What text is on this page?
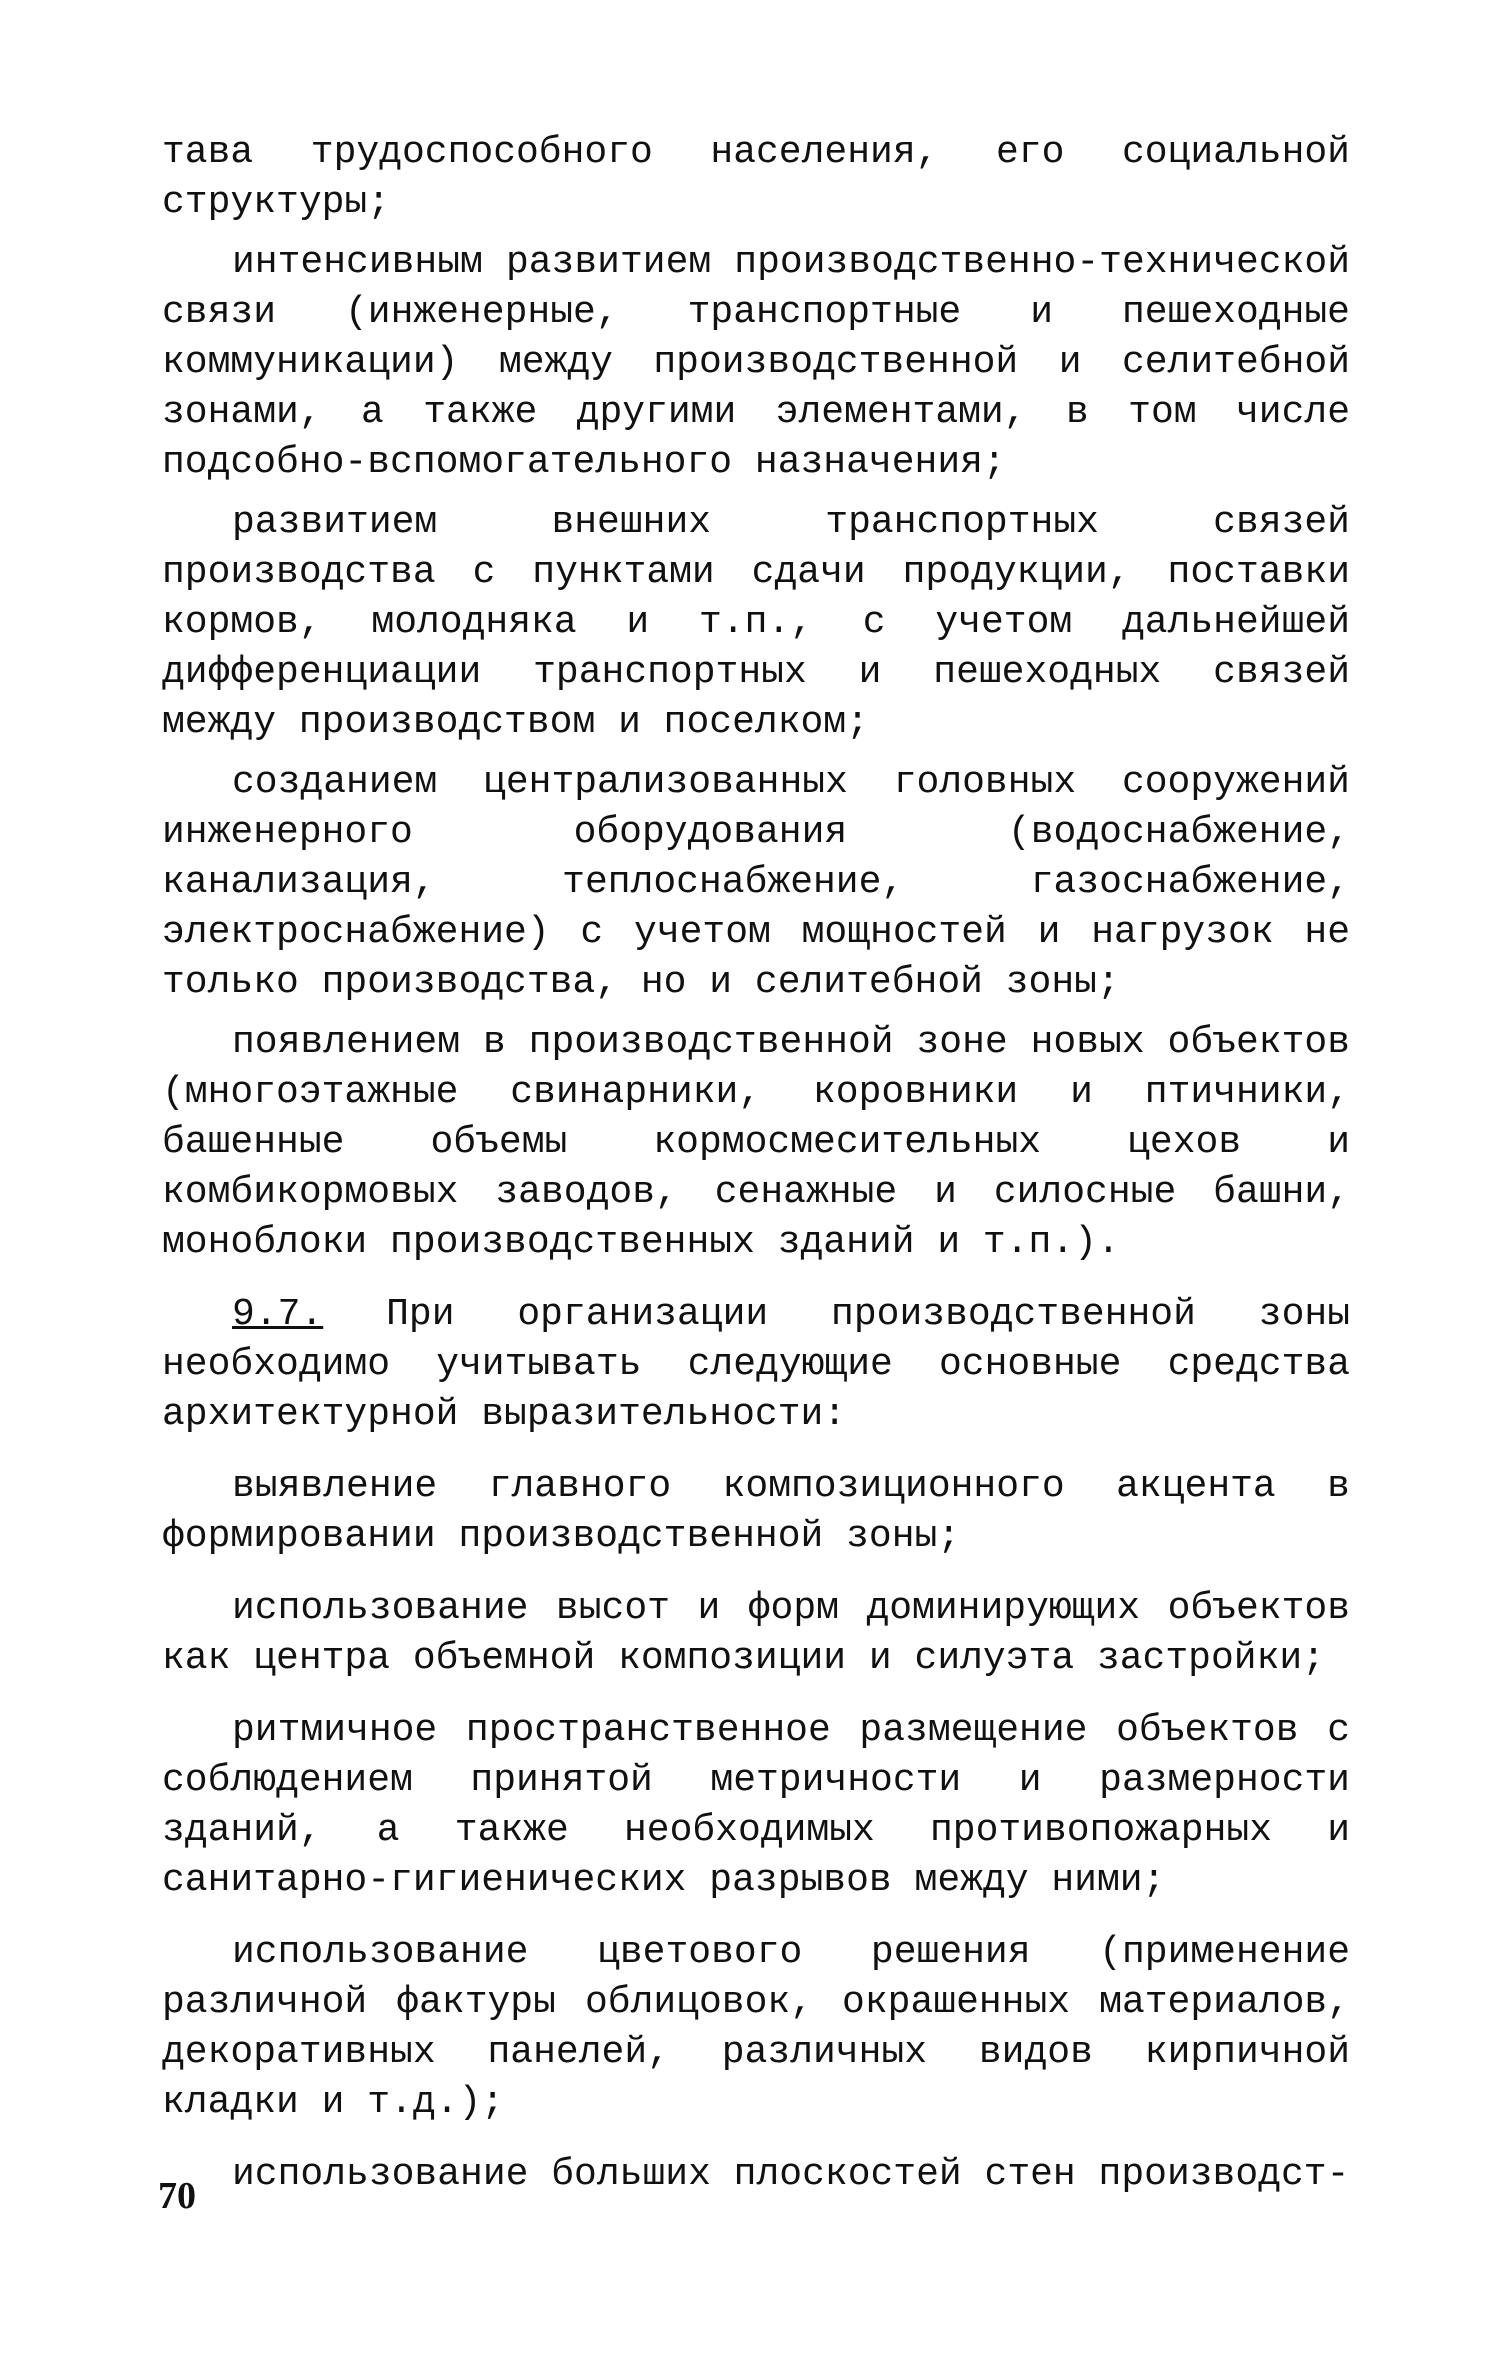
тава трудоспособного населения, его социальной структуры;

интенсивным развитием производственно-технической связи (инженерные, транспортные и пешеходные коммуникации) между производственной и селитебной зонами, а также другими элементами, в том числе подсобно-вспомогательного назначения;

развитием внешних транспортных связей производства с пунктами сдачи продукции, поставки кормов, молодняка и т.п., с учетом дальнейшей дифференциации транспортных и пешеходных связей между производством и поселком;

созданием централизованных головных сооружений инженерного оборудования (водоснабжение, канализация, теплоснабжение, газоснабжение, электроснабжение) с учетом мощностей и нагрузок не только производства, но и селитебной зоны;

появлением в производственной зоне новых объектов (многоэтажные свинарники, коровники и птичники, башенные объемы кормосмесительных цехов и комбикормовых заводов, сенажные и силосные башни, моноблоки производственных зданий и т.п.).

9.7. При организации производственной зоны необходимо учитывать следующие основные средства архитектурной выразительности:

выявление главного композиционного акцента в формировании производственной зоны;

использование высот и форм доминирующих объектов как центра объемной композиции и силуэта застройки;

ритмичное пространственное размещение объектов с соблюдением принятой метричности и размерности зданий, а также необходимых противопожарных и санитарно-гигиенических разрывов между ними;

использование цветового решения (применение различной фактуры облицовок, окрашенных материалов, декоративных панелей, различных видов кирпичной кладки и т.д.);

использование больших плоскостей стен производст-

70
